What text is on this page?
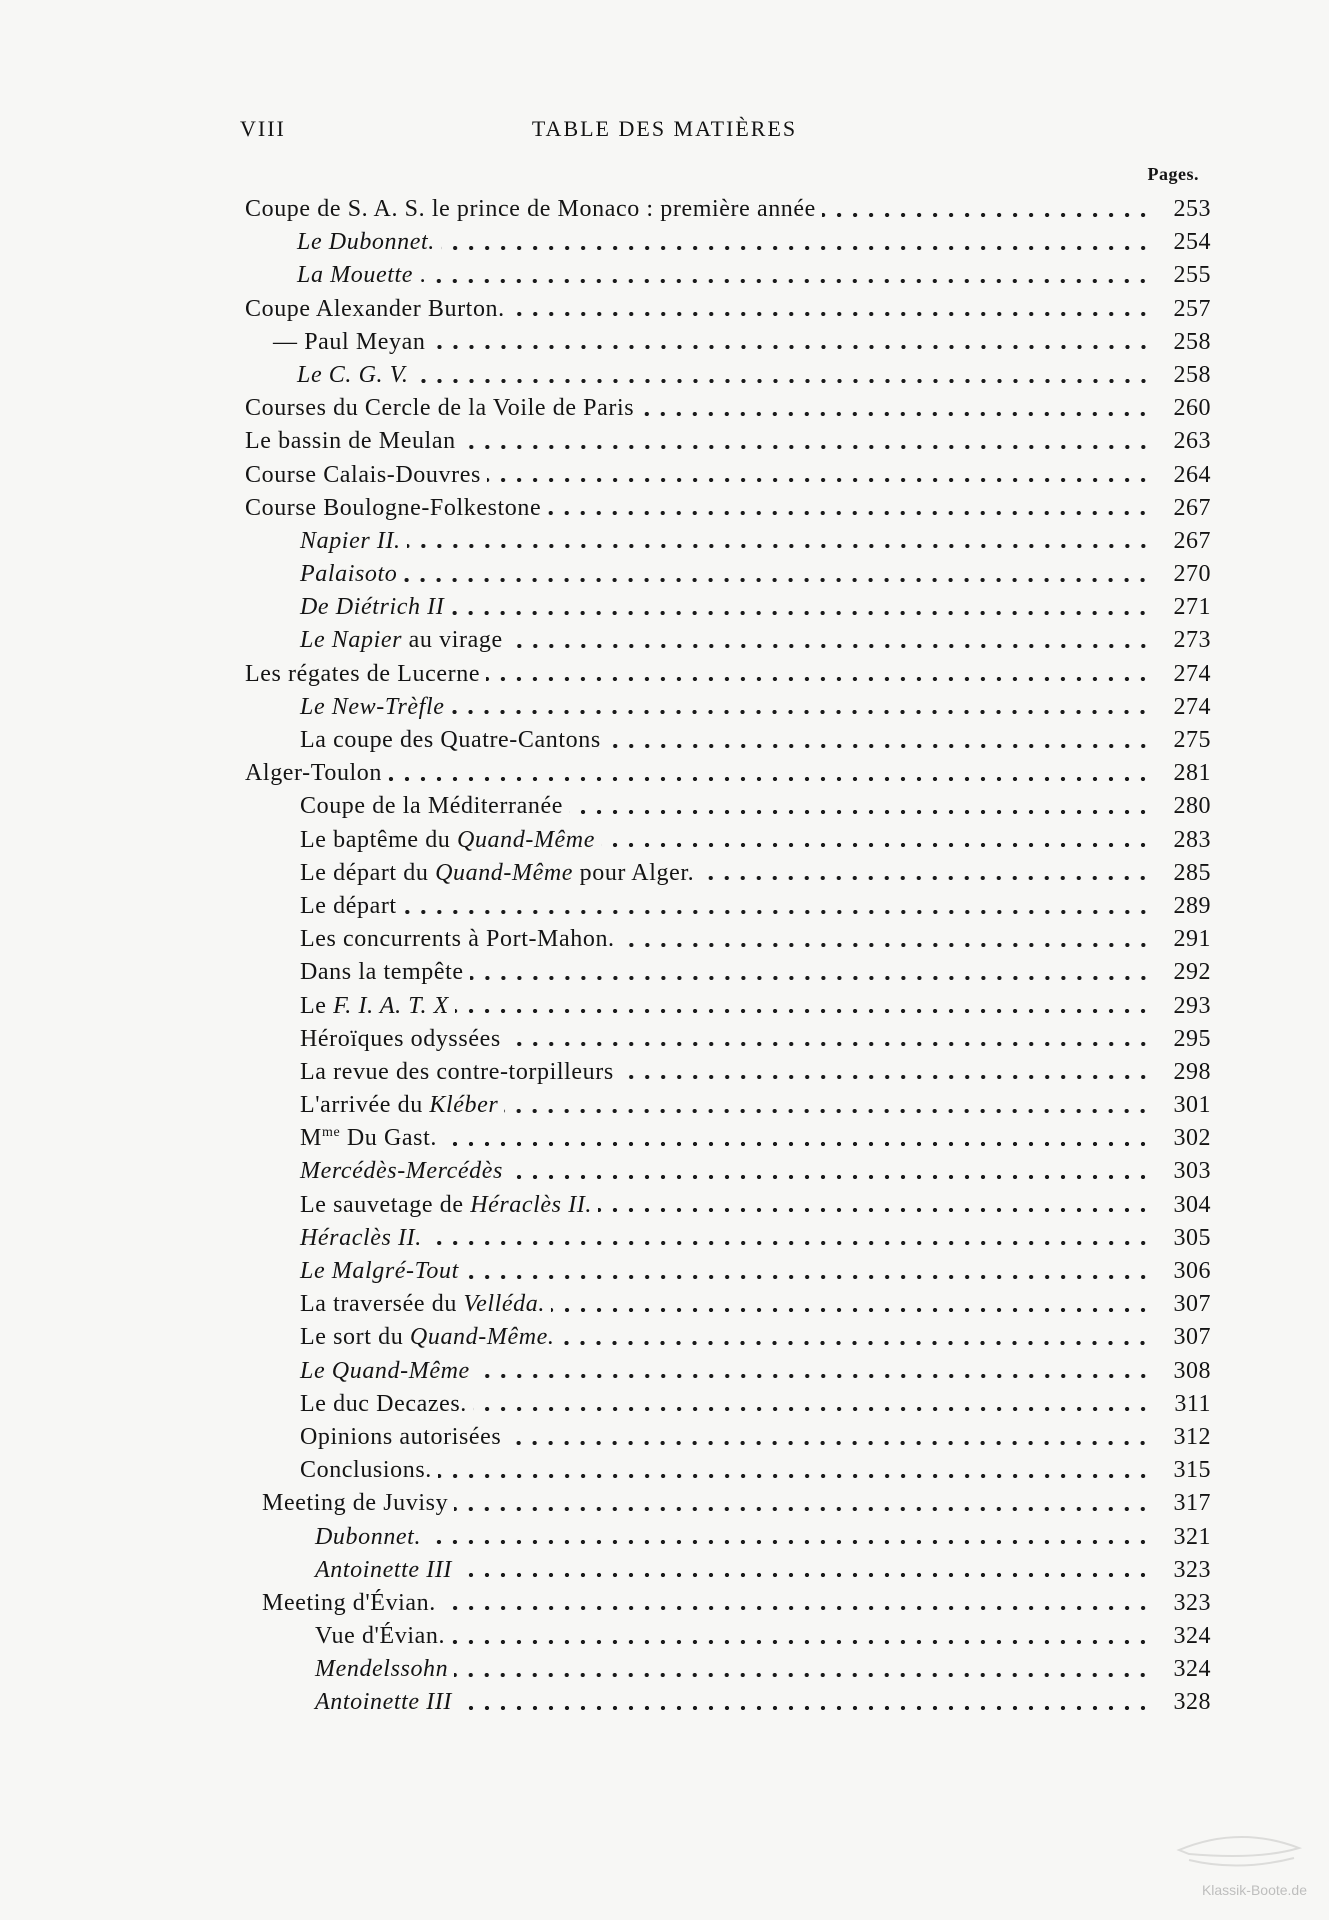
VIII	TABLE DES MATIÈRES
Pages.
Coupe de S. A. S. le prince de Monaco : première année	253
Le Dubonnet.	254
La Mouette .	255
Coupe Alexander Burton.	257
— Paul Meyan	258
Le C. G. V.	258
Courses du Cercle de la Voile de Paris	260
Le bassin de Meulan	263
Course Calais-Douvres	264
Course Boulogne-Folkestone	267
Napier II.	267
Palaisoto	270
De Diétrich II	271
Le Napier au virage	273
Les régates de Lucerne	274
Le New-Trèfle	274
La coupe des Quatre-Cantons	275
Alger-Toulon	281
Coupe de la Méditerranée	280
Le baptême du Quand-Même	283
Le départ du Quand-Même pour Alger.	285
Le départ	289
Les concurrents à Port-Mahon.	291
Dans la tempête	292
Le F. I. A. T. X	293
Héroïques odyssées	295
La revue des contre-torpilleurs	298
L'arrivée du Kléber	301
$M^{me}$ Du Gast.	302
Mercédès-Mercédès	303
Le sauvetage de Héraclès II.	304
Héraclès II.	305
Le Malgré-Tout	306
La traversée du Velléda.	307
Le sort du Quand-Même.	307
Le Quand-Même	308
Le duc Decazes.	311
Opinions autorisées	312
Conclusions.	315
Meeting de Juvisy	317
Dubonnet.	321
Antoinette III	323
Meeting d'Évian.	323
Vue d'Évian.	324
Mendelssohn	324
Antoinette III	328
Klassik-Boote.de
